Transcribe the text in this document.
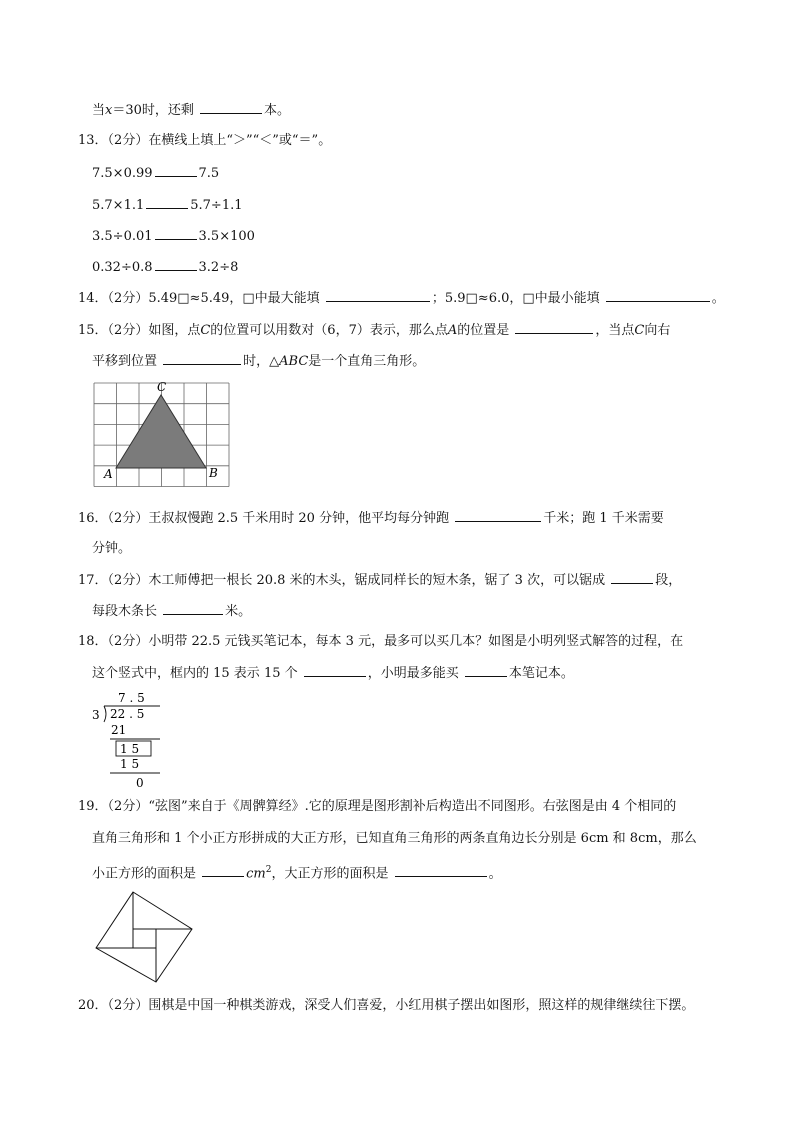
当x＝30时，还剩	本。
13．（2分）在横线上填上“＞”“＜”或“＝”。
7.5×0.99	7.5
5.7×1.1	5.7÷1.1
3.5÷0.01	3.5×100
0.32÷0.8	3.2÷8
14．（2分）5.49□≈5.49，□中最大能填	；5.9□≈6.0，□中最小能填	。
15．（2分）如图，点C的位置可以用数对（6，7）表示，那么点A的位置是	，当点C向右
平移到位置	时，△ABC是一个直角三角形。
A	B
C
16．（2分）王叔叔慢跑 2.5 千米用时 20 分钟，他平均每分钟跑	千米；跑 1 千米需要
分钟。
17．（2分）木工师傅把一根长 20.8 米的木头，锯成同样长的短木条，锯了 3 次，可以锯成	段，
每段木条长	米。
18．（2分）小明带 22.5 元钱买笔记本，每本 3 元，最多可以买几本？如图是小明列竖式解答的过程，在
这个竖式中，框内的 15 表示 15 个	，小明最多能买	本笔记本。
7 . 5
3 22 . 5
21
1 5
1 5
0
19．（2分）“弦图”来自于《周髀算经》.它的原理是图形割补后构造出不同图形。右弦图是由 4 个相同的
直角三角形和 1 个小正方形拼成的大正方形，已知直角三角形的两条直角边长分别是 6cm 和 8cm，那么
小正方形的面积是	$cm^2$，大正方形的面积是	。
20．（2分）围棋是中国一种棋类游戏，深受人们喜爱，小红用棋子摆出如图形，照这样的规律继续往下摆。
